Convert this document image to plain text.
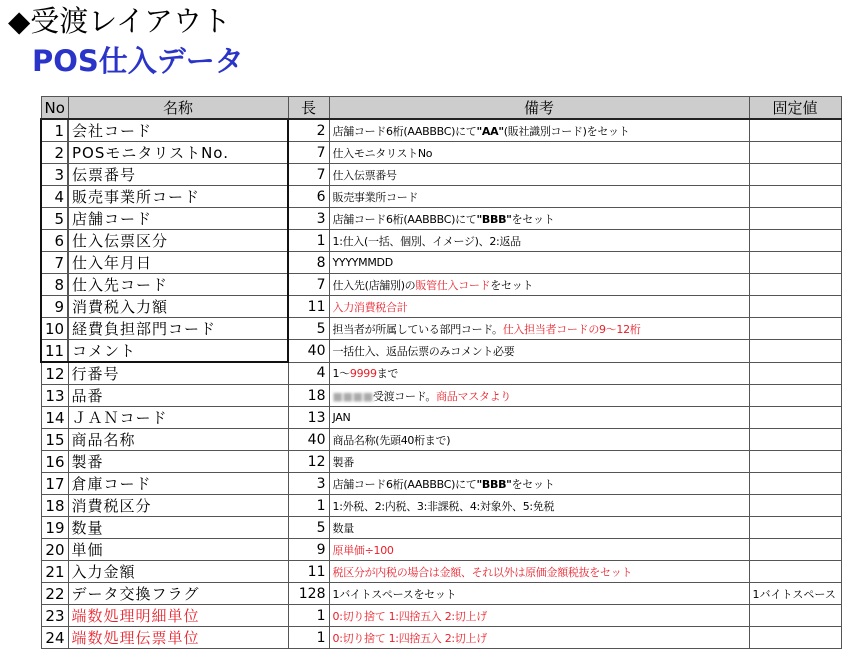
◆受渡レイアウト
POS仕入データ
No	名称	長	備考	固定値
1	会社コード	2	店舗コード6桁(AABBBC)にて"AA"(販社識別コード)をセット	
2	POSモニタリストNo.	7	仕入モニタリストNo	
3	伝票番号	7	仕入伝票番号	
4	販売事業所コード	6	販売事業所コード	
5	店舗コード	3	店舗コード6桁(AABBBC)にて"BBB"をセット	
6	仕入伝票区分	1	1:仕入(一括、個別、イメージ)、2:返品	
7	仕入年月日	8	YYYYMMDD	
8	仕入先コード	7	仕入先(店舗別)の販管仕入コードをセット	
9	消費税入力額	11	入力消費税合計	
10	経費負担部門コード	5	担当者が所属している部門コード。仕入担当者コードの9〜12桁	
11	コメント	40	一括仕入、返品伝票のみコメント必要	
12	行番号	4	1〜9999まで	
13	品番	18	■■■■受渡コード。商品マスタより	
14	ＪＡＮコード	13	JAN	
15	商品名称	40	商品名称(先頭40桁まで)	
16	製番	12	製番	
17	倉庫コード	3	店舗コード6桁(AABBBC)にて"BBB"をセット	
18	消費税区分	1	1:外税、2:内税、3:非課税、4:対象外、5:免税	
19	数量	5	数量	
20	単価	9	原単価÷100	
21	入力金額	11	税区分が内税の場合は金額、それ以外は原価金額税抜をセット	
22	データ交換フラグ	128	1バイトスペースをセット	1バイトスペース
23	端数処理明細単位	1	0:切り捨て 1:四捨五入 2:切上げ	
24	端数処理伝票単位	1	0:切り捨て 1:四捨五入 2:切上げ	
